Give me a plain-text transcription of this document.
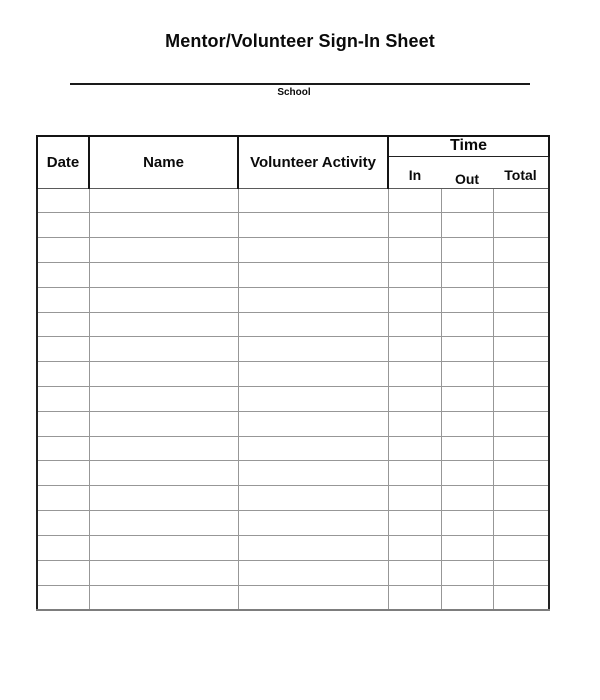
Mentor/Volunteer Sign-In Sheet
School
Date	Name	Volunteer Activity	Time		
			In	Out	Total
